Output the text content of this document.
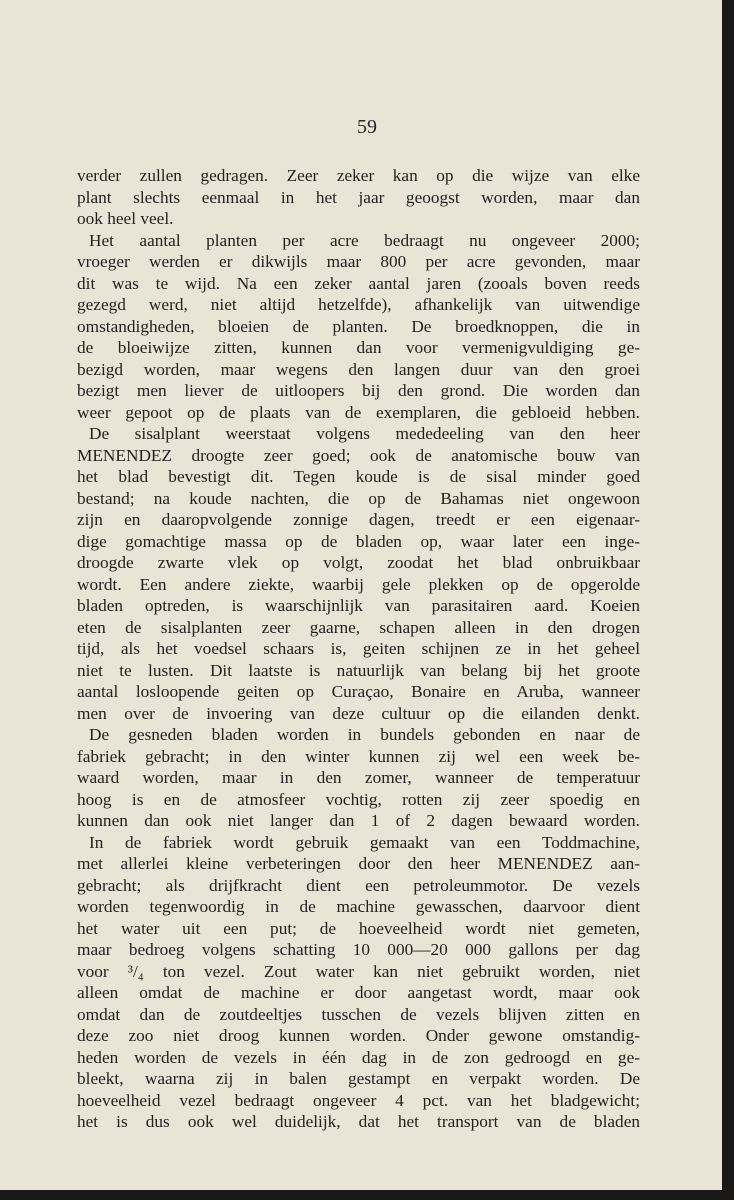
59
verder zullen gedragen. Zeer zeker kan op die wijze van elke
plant slechts eenmaal in het jaar geoogst worden, maar dan
ook heel veel.
Het aantal planten per acre bedraagt nu ongeveer 2000;
vroeger werden er dikwijls maar 800 per acre gevonden, maar
dit was te wijd. Na een zeker aantal jaren (zooals boven reeds
gezegd werd, niet altijd hetzelfde), afhankelijk van uitwendige
omstandigheden, bloeien de planten. De broedknoppen, die in
de bloeiwijze zitten, kunnen dan voor vermenigvuldiging ge-
bezigd worden, maar wegens den langen duur van den groei
bezigt men liever de uitloopers bij den grond. Die worden dan
weer gepoot op de plaats van de exemplaren, die gebloeid hebben.
De sisalplant weerstaat volgens mededeeling van den heer
MENENDEZ droogte zeer goed; ook de anatomische bouw van
het blad bevestigt dit. Tegen koude is de sisal minder goed
bestand; na koude nachten, die op de Bahamas niet ongewoon
zijn en daaropvolgende zonnige dagen, treedt er een eigenaar-
dige gomachtige massa op de bladen op, waar later een inge-
droogde zwarte vlek op volgt, zoodat het blad onbruikbaar
wordt. Een andere ziekte, waarbij gele plekken op de opgerolde
bladen optreden, is waarschijnlijk van parasitairen aard. Koeien
eten de sisalplanten zeer gaarne, schapen alleen in den drogen
tijd, als het voedsel schaars is, geiten schijnen ze in het geheel
niet te lusten. Dit laatste is natuurlijk van belang bij het groote
aantal losloopende geiten op Curaçao, Bonaire en Aruba, wanneer
men over de invoering van deze cultuur op die eilanden denkt.
De gesneden bladen worden in bundels gebonden en naar de
fabriek gebracht; in den winter kunnen zij wel een week be-
waard worden, maar in den zomer, wanneer de temperatuur
hoog is en de atmosfeer vochtig, rotten zij zeer spoedig en
kunnen dan ook niet langer dan 1 of 2 dagen bewaard worden.
In de fabriek wordt gebruik gemaakt van een Toddmachine,
met allerlei kleine verbeteringen door den heer MENENDEZ aan-
gebracht; als drijfkracht dient een petroleummotor. De vezels
worden tegenwoordig in de machine gewasschen, daarvoor dient
het water uit een put; de hoeveelheid wordt niet gemeten,
maar bedroeg volgens schatting 10 000—20 000 gallons per dag
voor ³/₄ ton vezel. Zout water kan niet gebruikt worden, niet
alleen omdat de machine er door aangetast wordt, maar ook
omdat dan de zoutdeeltjes tusschen de vezels blijven zitten en
deze zoo niet droog kunnen worden. Onder gewone omstandig-
heden worden de vezels in één dag in de zon gedroogd en ge-
bleekt, waarna zij in balen gestampt en verpakt worden. De
hoeveelheid vezel bedraagt ongeveer 4 pct. van het bladgewicht;
het is dus ook wel duidelijk, dat het transport van de bladen
